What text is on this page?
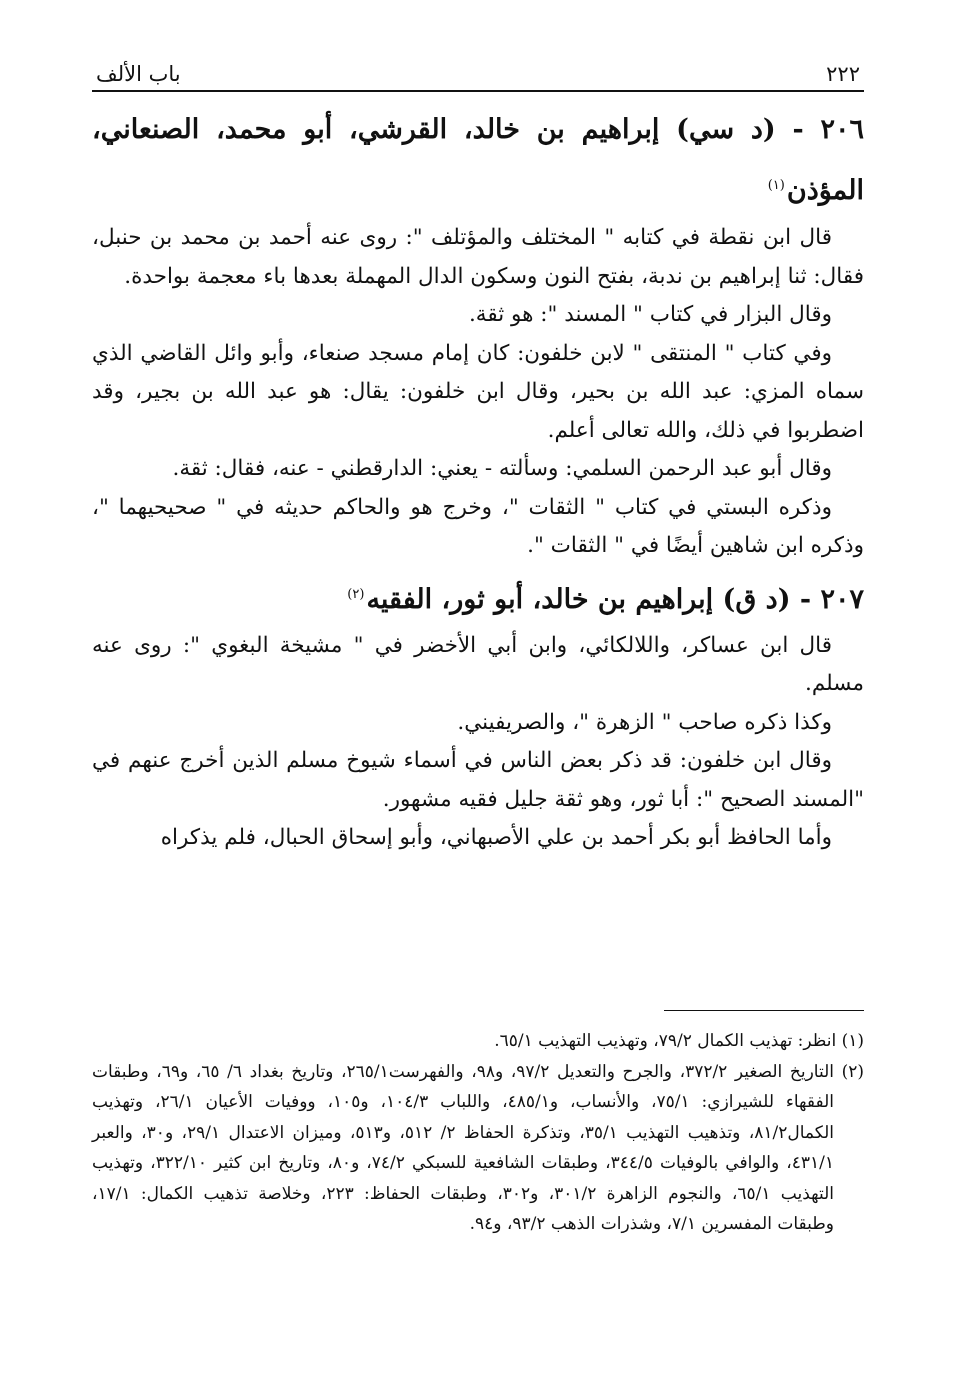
٢٢٢
باب الألف
٢٠٦ - (د سي) إبراهيم بن خالد، القرشي، أبو محمد، الصنعاني، المؤذن$^{(١)}$

قال ابن نقطة في كتابه " المختلف والمؤتلف ": روى عنه أحمد بن محمد بن حنبل، فقال: ثنا إبراهيم بن ندبة، بفتح النون وسكون الدال المهملة بعدها باء معجمة بواحدة.

وقال البزار في كتاب " المسند ": هو ثقة.

وفي كتاب " المنتقى " لابن خلفون: كان إمام مسجد صنعاء، وأبو وائل القاضي الذي سماه المزي: عبد الله بن بحير، وقال ابن خلفون: يقال: هو عبد الله بن بجير، وقد اضطربوا في ذلك، والله تعالى أعلم.

وقال أبو عبد الرحمن السلمي: وسألته - يعني: الدارقطني - عنه، فقال: ثقة.

وذكره البستي في كتاب " الثقات "، وخرج هو والحاكم حديثه في " صحيحيهما "، وذكره ابن شاهين أيضًا في " الثقات ".

٢٠٧ - (د ق) إبراهيم بن خالد، أبو ثور، الفقيه$^{(٢)}$

قال ابن عساكر، واللالكائي، وابن أبي الأخضر في " مشيخة البغوي ": روى عنه مسلم.

وكذا ذكره صاحب " الزهرة "، والصريفيني.

وقال ابن خلفون: قد ذكر بعض الناس في أسماء شيوخ مسلم الذين أخرج عنهم في "المسند الصحيح ": أبا ثور، وهو ثقة جليل فقيه مشهور.

وأما الحافظ أبو بكر أحمد بن علي الأصبهاني، وأبو إسحاق الحبال، فلم يذكراه

(١) انظر: تهذيب الكمال ٧٩/٢، وتهذيب التهذيب ٦٥/١.

(٢) التاريخ الصغير ٣٧٢/٢، والجرح والتعديل ٩٧/٢، و٩٨، والفهرست٢٦٥/١، وتاريخ بغداد ٦/ ٦٥، و٦٩، وطبقات الفقهاء للشيرازي: ٧٥/١، والأنساب، و٤٨٥/١، واللباب ١٠٤/٣، و١٠٥، ووفيات الأعيان ٢٦/١، وتهذيب الكمال٨١/٢، وتذهيب التهذيب ٣٥/١، وتذكرة الحفاظ ٢/ ٥١٢، و٥١٣، وميزان الاعتدال ٢٩/١، و٣٠، والعبر ٤٣١/١، والوافي بالوفيات ٣٤٤/٥، وطبقات الشافعية للسبكي ٧٤/٢، و٨٠، وتاريخ ابن كثير ٣٢٢/١٠، وتهذيب التهذيب ٦٥/١، والنجوم الزاهرة ٣٠١/٢، و٣٠٢، وطبقات الحفاظ: ٢٢٣، وخلاصة تذهيب الكمال: ١٧/١، وطبقات المفسرين ٧/١، وشذرات الذهب ٩٣/٢، و٩٤.
